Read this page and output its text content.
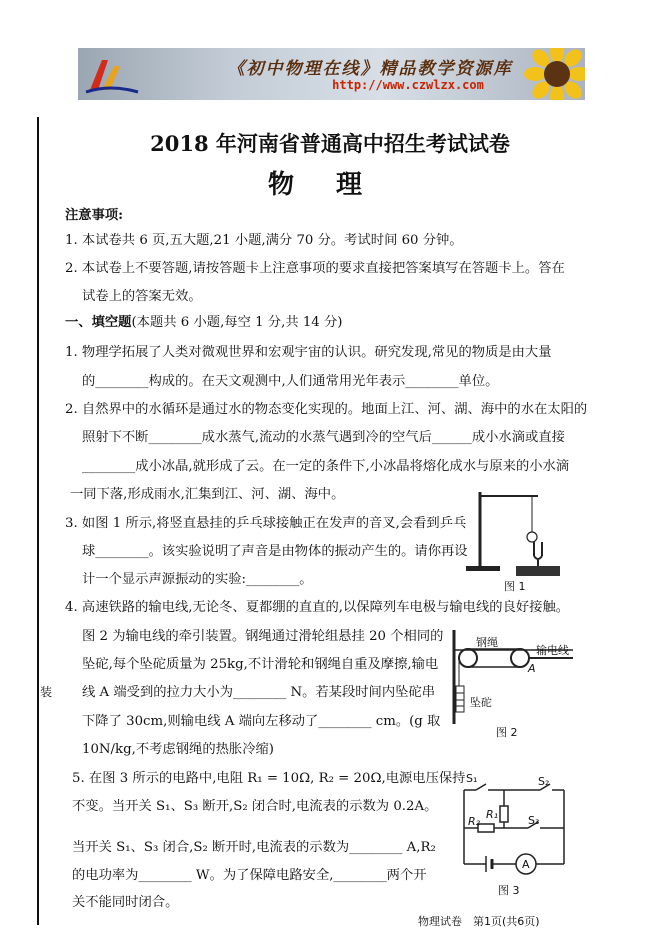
《初中物理在线》精品教学资源库
http://www.czwlzx.com
装
2018 年河南省普通高中招生考试试卷
物理
注意事项:
1. 本试卷共 6 页,五大题,21 小题,满分 70 分。考试时间 60 分钟。
2. 本试卷上不要答题,请按答题卡上注意事项的要求直接把答案填写在答题卡上。答在
试卷上的答案无效。
一、填空题(本题共 6 小题,每空 1 分,共 14 分)
1. 物理学拓展了人类对微观世界和宏观宇宙的认识。研究发现,常见的物质是由大量
的________构成的。在天文观测中,人们通常用光年表示________单位。
2. 自然界中的水循环是通过水的物态变化实现的。地面上江、河、湖、海中的水在太阳的
照射下不断________成水蒸气,流动的水蒸气遇到冷的空气后______成小水滴或直接
________成小冰晶,就形成了云。在一定的条件下,小冰晶将熔化成水与原来的小水滴
一同下落,形成雨水,汇集到江、河、湖、海中。
3. 如图 1 所示,将竖直悬挂的乒乓球接触正在发声的音叉,会看到乒乓
球________。该实验说明了声音是由物体的振动产生的。请你再设
计一个显示声源振动的实验:________。
4. 高速铁路的输电线,无论冬、夏都绷的直直的,以保障列车电极与输电线的良好接触。
图 2 为输电线的牵引装置。钢绳通过滑轮组悬挂 20 个相同的
坠砣,每个坠砣质量为 25kg,不计滑轮和钢绳自重及摩擦,输电
线 A 端受到的拉力大小为________ N。若某段时间内坠砣串
下降了 30cm,则输电线 A 端向左移动了________ cm。(g 取
10N/kg,不考虑钢绳的热胀冷缩)
5. 在图 3 所示的电路中,电阻 R₁ = 10Ω, R₂ = 20Ω,电源电压保持
不变。当开关 S₁、S₃ 断开,S₂ 闭合时,电流表的示数为 0.2A。
当开关 S₁、S₃ 闭合,S₂ 断开时,电流表的示数为________ A,R₂
的电功率为________ W。为了保障电路安全,________两个开
关不能同时闭合。
图 1
钢绳
输电线
A
坠砣
图 2
S₁	S₂
S₃
R₁
R₂
A
图 3
物理试卷　第1页(共6页)
